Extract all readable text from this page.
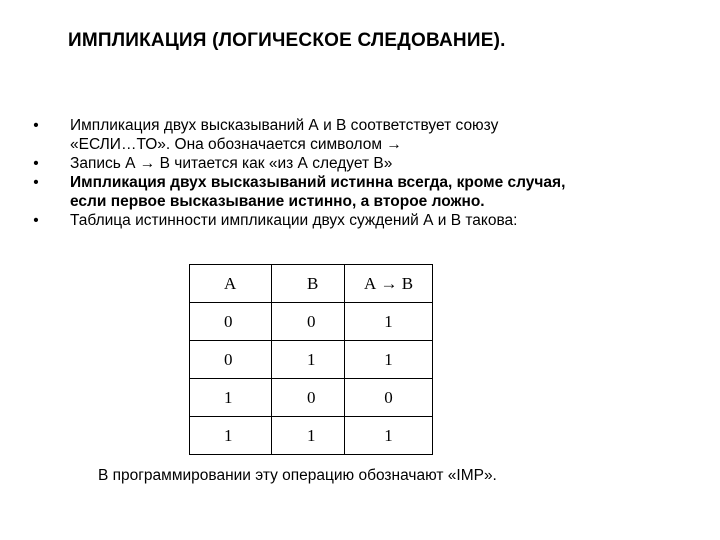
ИМПЛИКАЦИЯ (ЛОГИЧЕСКОЕ СЛЕДОВАНИЕ).
• Импликация двух высказываний А и В соответствует союзу
«ЕСЛИ…ТО». Она обозначается символом →
• Запись А → В читается как «из А следует В»
• Импликация двух высказываний истинна всегда, кроме случая,
если первое высказывание истинно, а второе ложно.
• Таблица истинности импликации двух суждений А и В такова:
А	В	А → В
0	0	1
0	1	1
1	0	0
1	1	1
В программировании эту операцию обозначают «IMP».
